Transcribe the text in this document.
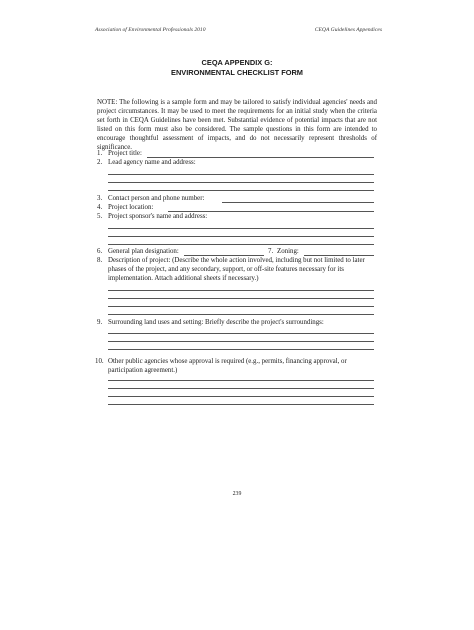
Association of Environmental Professionals 2010	CEQA Guidelines Appendices
CEQA APPENDIX G:
ENVIRONMENTAL CHECKLIST FORM
NOTE: The following is a sample form and may be tailored to satisfy individual agencies' needs and project circumstances. It may be used to meet the requirements for an initial study when the criteria set forth in CEQA Guidelines have been met. Substantial evidence of potential impacts that are not listed on this form must also be considered. The sample questions in this form are intended to encourage thoughtful assessment of impacts, and do not necessarily represent thresholds of significance.
1. Project title:
2. Lead agency name and address:
3. Contact person and phone number:
4. Project location:
5. Project sponsor's name and address:
6. General plan designation:	7. Zoning:
8. Description of project: (Describe the whole action involved, including but not limited to later phases of the project, and any secondary, support, or off-site features necessary for its implementation. Attach additional sheets if necessary.)
9. Surrounding land uses and setting: Briefly describe the project's surroundings:
10. Other public agencies whose approval is required (e.g., permits, financing approval, or participation agreement.)
239
